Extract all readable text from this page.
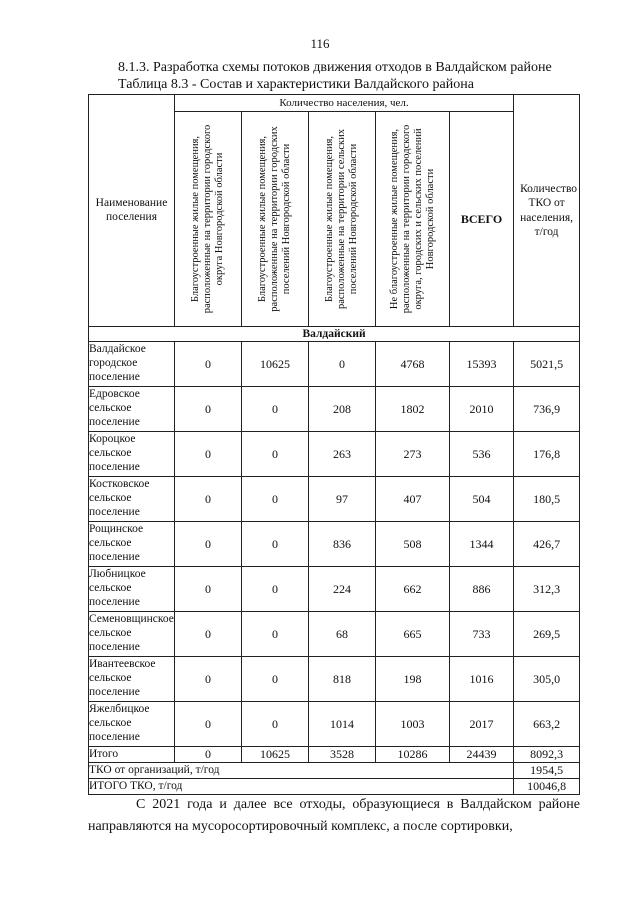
116
8.1.3. Разработка схемы потоков движения отходов в Валдайском районе
Таблица 8.3 - Состав и характеристики Валдайского района
Наименование поселения	Количество населения, чел.					Количество ТКО от населения, т/год

	Благоустроенные жилые помещения, расположенные на территории городского округа Новгородской области	Благоустроенные жилые помещения, расположенные на территории городских поселений Новгородской области	Благоустроенные жилые помещения, расположенные на территории сельских поселений Новгородской области	Не благоустроенные жилые помещения, расположенные на территории городского округа, городских и сельских поселений Новгородской области	ВСЕГО	
Валдайский						
Валдайское городское поселение	0	10625	0	4768	15393	5021,5
Едровское сельское поселение	0	0	208	1802	2010	736,9
Короцкое сельское поселение	0	0	263	273	536	176,8
Костковское сельское поселение	0	0	97	407	504	180,5
Рощинское сельское поселение	0	0	836	508	1344	426,7
Любницкое сельское поселение	0	0	224	662	886	312,3
Семеновщинское сельское поселение	0	0	68	665	733	269,5
Ивантеевское сельское поселение	0	0	818	198	1016	305,0
Яжелбицкое сельское поселение	0	0	1014	1003	2017	663,2
Итого	0	10625	3528	10286	24439	8092,3
ТКО от организаций, т/год						1954,5
ИТОГО ТКО, т/год						10046,8
С 2021 года и далее все отходы, образующиеся в Валдайском районе направляются на мусоросортировочный комплекс, а после сортировки,
